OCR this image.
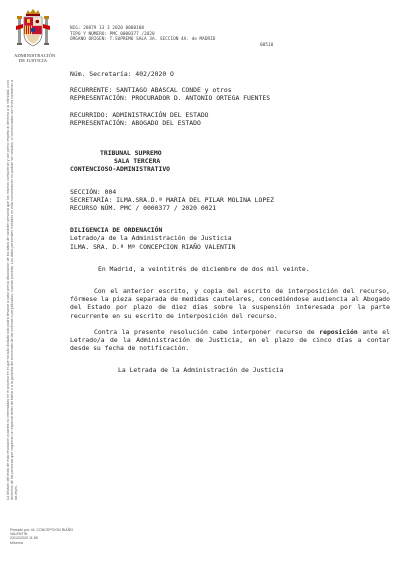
ADMINISTRACIÓN DE JUSTICIA
NIG: 28079 13 3 2020 0000108
TIPO Y NÚMERO: PMC 0000377 /2020
ÓRGANO ORIGEN: T.SUPREMO SALA 3A. SECCION 4A. de MADRID
00510
La difusión del texto de esta resolución a partes no interesadas en el proceso en el que ha sido dictada sólo podrá llevarse a cabo previa disociación de los datos de carácter personal que los mismos contuvieran y con pleno respeto al derecho a la intimidad, a los derechos de las personas que requieran un especial deber de tutela o a la garantía del anonimato de las víctimas o perjudicados, cuando proceda. Los datos personales incluidos en esta comunicación no podrán ser cedidos, ni comunicados con fines contrarios a las leyes.
Núm. Secretaría: 402/2020 O
RECURRENTE: SANTIAGO ABASCAL CONDE y otros
REPRESENTACIÓN: PROCURADOR D. ANTONIO ORTEGA FUENTES
RECURRIDO: ADMINISTRACIÓN DEL ESTADO
REPRESENTACIÓN: ABOGADO DEL ESTADO
TRIBUNAL SUPREMO
SALA TERCERA
CONTENCIOSO-ADMINISTRATIVO
SECCIÓN: 004
SECRETARÍA: ILMA.SRA.D.ª MARIA DEL PILAR MOLINA LOPEZ
RECURSO NÚM. PMC / 0000377 / 2020 0021
DILIGENCIA DE ORDENACIÓN
Letrado/a de la Administración de Justicia
ILMA. SRA. D.ª Mª CONCEPCION RIAÑO VALENTIN
En Madrid, a veintitrés de diciembre de dos mil veinte.
Con el anterior escrito, y copia del escrito de interposición del recurso, fórmese la pieza separada de medidas cautelares, concediéndose audiencia al Abogado del Estado por plazo de diez días sobre la suspensión interesada por la parte recurrente en su escrito de interposición del recurso.
Contra la presente resolución cabe interponer recurso de reposición ante el Letrado/a de la Administración de Justicia, en el plazo de cinco días a contar desde su fecha de notificación.
La Letrada de la Administración de Justicia
Firmado por: M. CONCEPCION RIAÑO
VALENTIN
23/12/2020 11:56
Minerva
